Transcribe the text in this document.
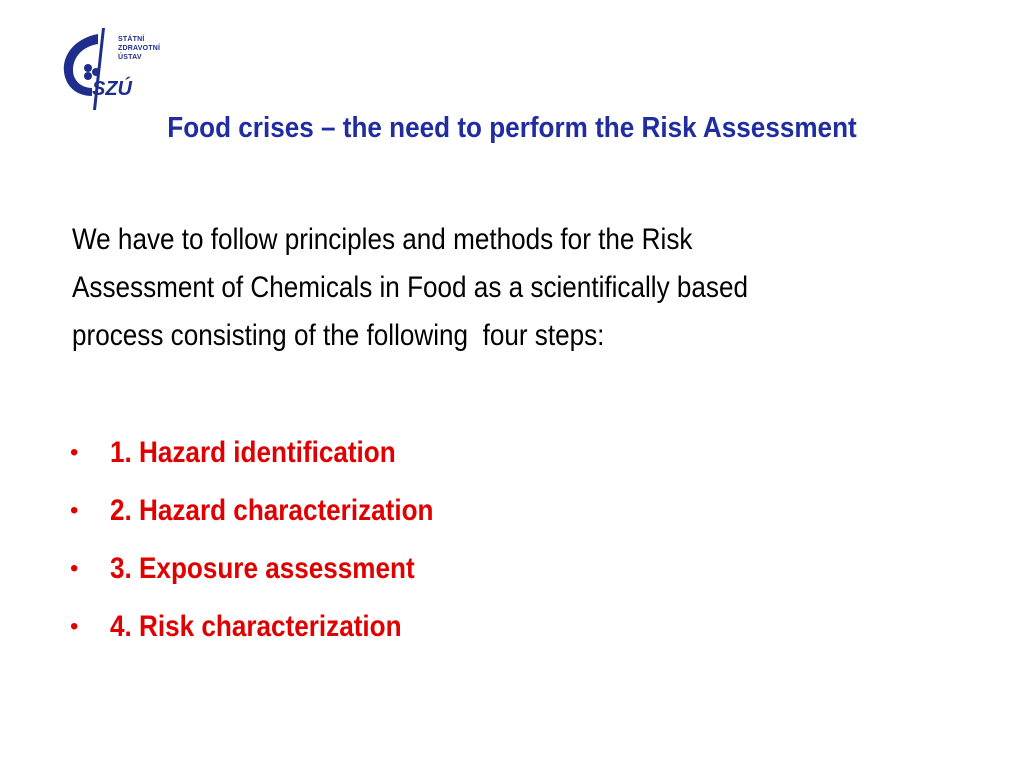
STÁTNÍ
ZDRAVOTNÍ
ÚSTAV
SZÚ
Food crises – the need to perform the Risk Assessment
We have to follow principles and methods for the Risk
Assessment of Chemicals in Food as a scientifically based
process consisting of the following  four steps:
•	1. Hazard identification
•	2. Hazard characterization
•	3. Exposure assessment
•	4. Risk characterization
